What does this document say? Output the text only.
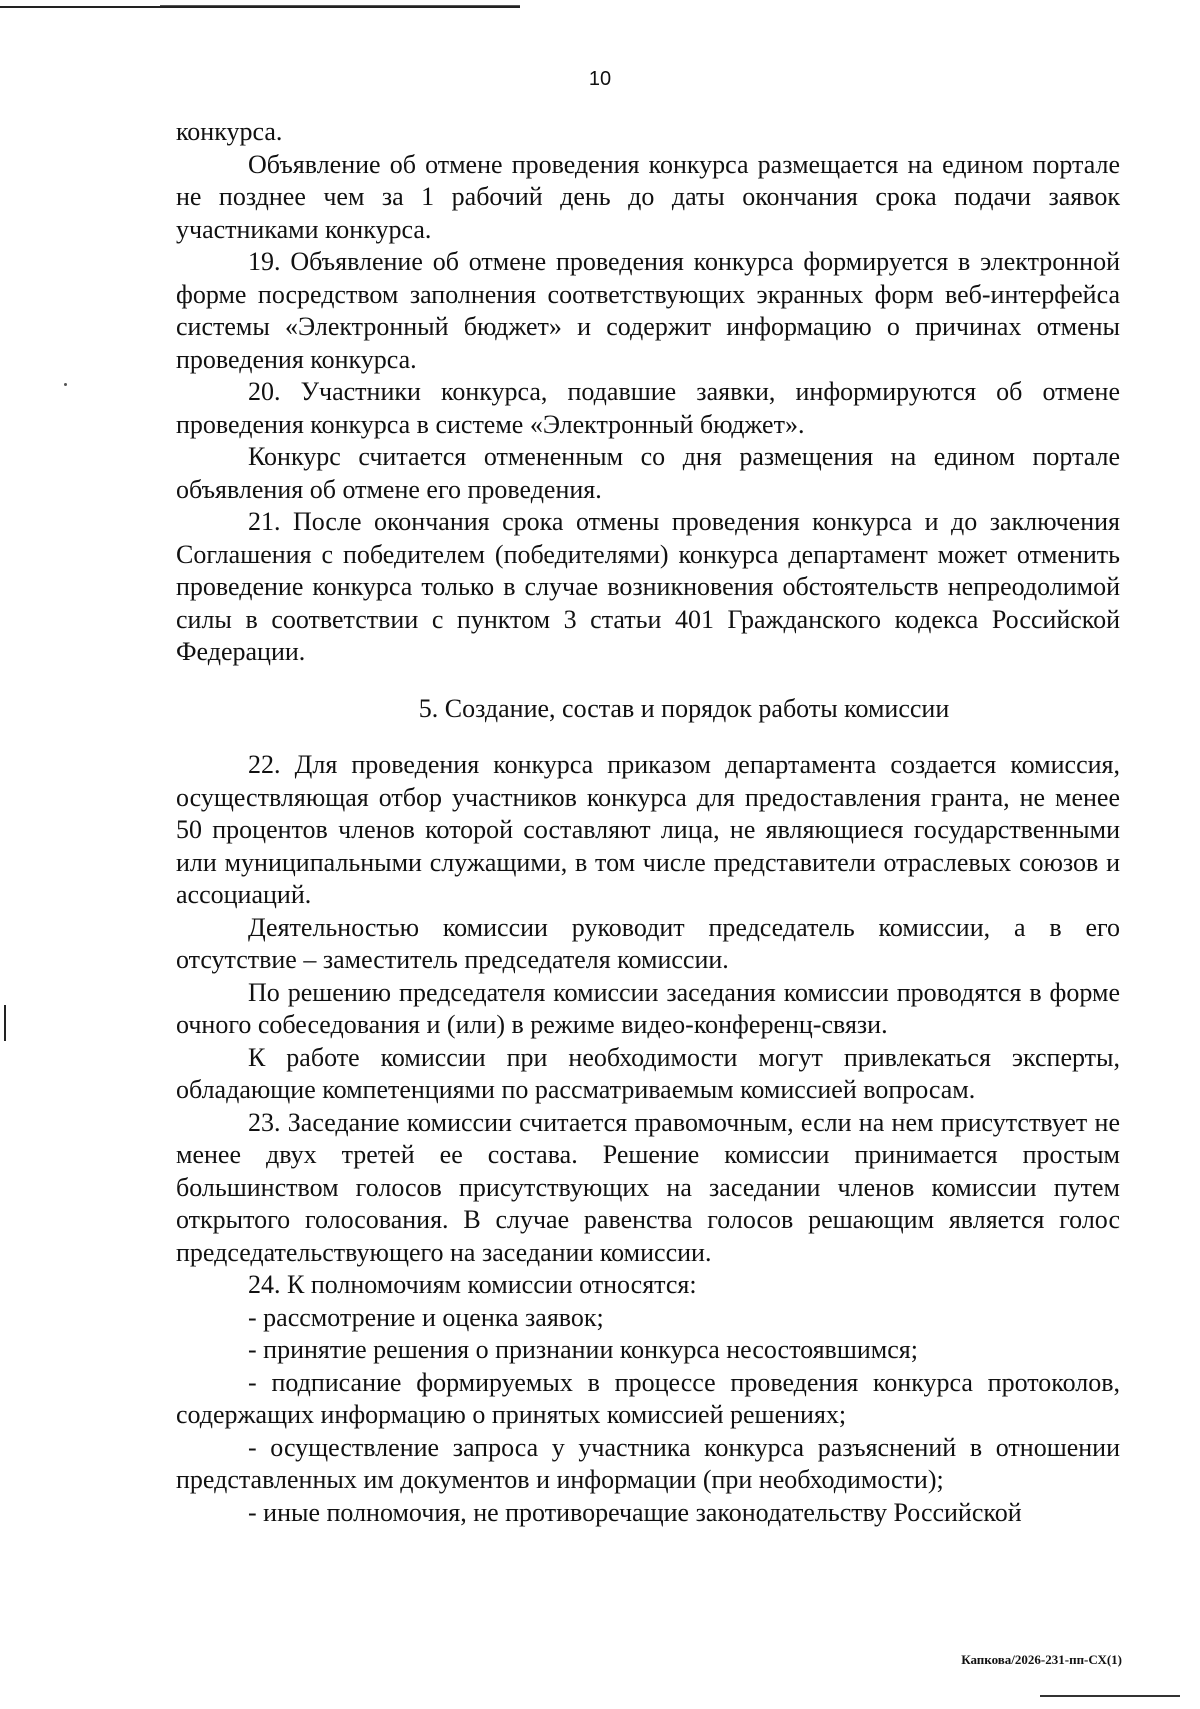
10

конкурса.

Объявление об отмене проведения конкурса размещается на едином портале не позднее чем за 1 рабочий день до даты окончания срока подачи заявок участниками конкурса.

19. Объявление об отмене проведения конкурса формируется в электронной форме посредством заполнения соответствующих экранных форм веб-интерфейса системы «Электронный бюджет» и содержит информацию о причинах отмены проведения конкурса.

20. Участники конкурса, подавшие заявки, информируются об отмене проведения конкурса в системе «Электронный бюджет».

Конкурс считается отмененным со дня размещения на едином портале объявления об отмене его проведения.

21. После окончания срока отмены проведения конкурса и до заключения Соглашения с победителем (победителями) конкурса департамент может отменить проведение конкурса только в случае возникновения обстоятельств непреодолимой силы в соответствии с пунктом 3 статьи 401 Гражданского кодекса Российской Федерации.

5. Создание, состав и порядок работы комиссии

22. Для проведения конкурса приказом департамента создается комиссия, осуществляющая отбор участников конкурса для предоставления гранта, не менее 50 процентов членов которой составляют лица, не являющиеся государственными или муниципальными служащими, в том числе представители отраслевых союзов и ассоциаций.

Деятельностью комиссии руководит председатель комиссии, а в его отсутствие – заместитель председателя комиссии.

По решению председателя комиссии заседания комиссии проводятся в форме очного собеседования и (или) в режиме видео-конференц-связи.

К работе комиссии при необходимости могут привлекаться эксперты, обладающие компетенциями по рассматриваемым комиссией вопросам.

23. Заседание комиссии считается правомочным, если на нем присутствует не менее двух третей ее состава. Решение комиссии принимается простым большинством голосов присутствующих на заседании членов комиссии путем открытого голосования. В случае равенства голосов решающим является голос председательствующего на заседании комиссии.

24. К полномочиям комиссии относятся:

- рассмотрение и оценка заявок;

- принятие решения о признании конкурса несостоявшимся;

- подписание формируемых в процессе проведения конкурса протоколов, содержащих информацию о принятых комиссией решениях;

- осуществление запроса у участника конкурса разъяснений в отношении представленных им документов и информации (при необходимости);

- иные полномочия, не противоречащие законодательству Российской

Капкова/2026-231-пп-СХ(1)
